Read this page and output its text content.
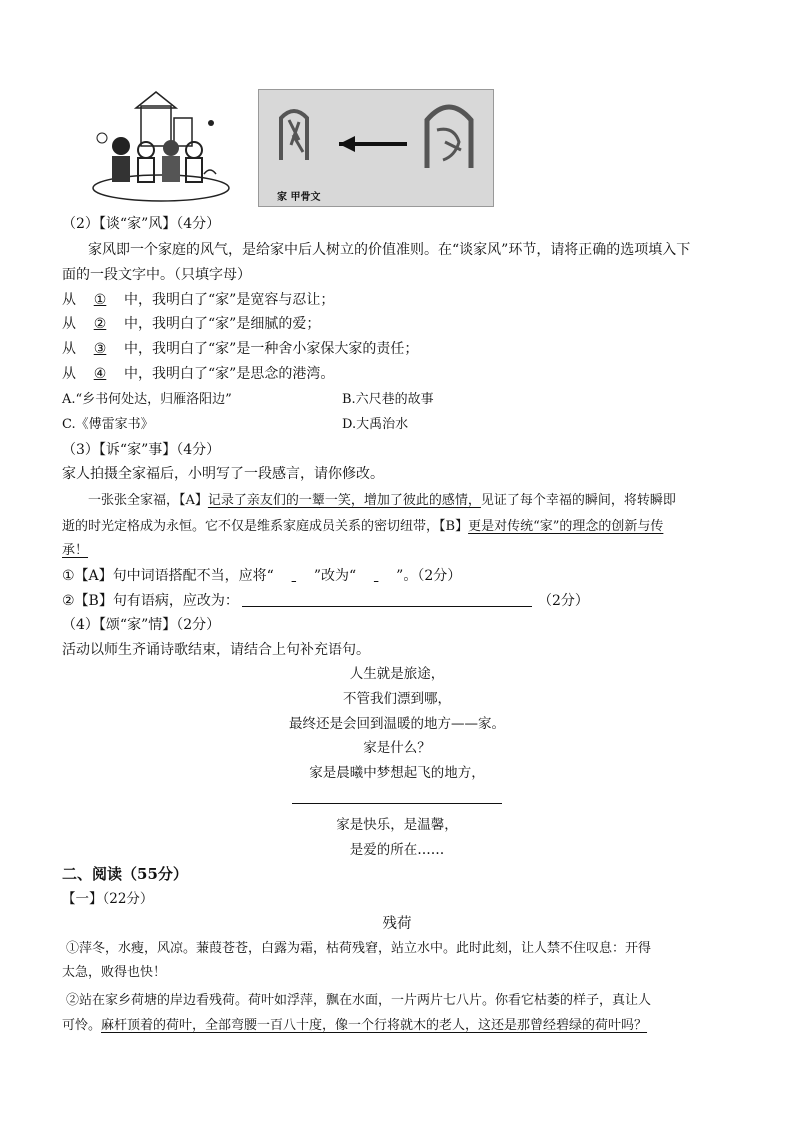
家 甲骨文
（2）【谈“家”风】（4分）
家风即一个家庭的风气，是给家中后人树立的价值准则。在“谈家风”环节，请将正确的选项填入下
面的一段文字中。（只填字母）
从 ① 中，我明白了“家”是宽容与忍让；
从 ② 中，我明白了“家”是细腻的爱；
从 ③ 中，我明白了“家”是一种舍小家保大家的责任；
从 ④ 中，我明白了“家”是思念的港湾。
A.“乡书何处达，归雁洛阳边”	B.六尺巷的故事
C.《傅雷家书》	D.大禹治水
（3）【诉“家”事】（4分）
家人拍摄全家福后，小明写了一段感言，请你修改。
一张张全家福，【A】记录了亲友们的一颦一笑，增加了彼此的感情，见证了每个幸福的瞬间，将转瞬即
逝的时光定格成为永恒。它不仅是维系家庭成员关系的密切纽带，【B】更是对传统“家”的理念的创新与传
承！
①【A】句中词语搭配不当，应将“	”改为“	”。（2分）
②【B】句有语病，应改为：	（2分）
（4）【颂“家”情】（2分）
活动以师生齐诵诗歌结束，请结合上句补充语句。
人生就是旅途，
不管我们漂到哪，
最终还是会回到温暖的地方——家。
家是什么？
家是晨曦中梦想起飞的地方，
家是快乐，是温馨，
是爱的所在……
二、阅读（55分）
【一】（22分）
残荷
①萍冬，水瘦，风凉。蒹葭苍苍，白露为霜，枯荷残窘，站立水中。此时此刻，让人禁不住叹息：开得
太急，败得也快！
②站在家乡荷塘的岸边看残荷。荷叶如浮萍，飘在水面，一片两片七八片。你看它枯萎的样子，真让人
可怜。麻杆顶着的荷叶，全部弯腰一百八十度，像一个行将就木的老人，这还是那曾经碧绿的荷叶吗？
